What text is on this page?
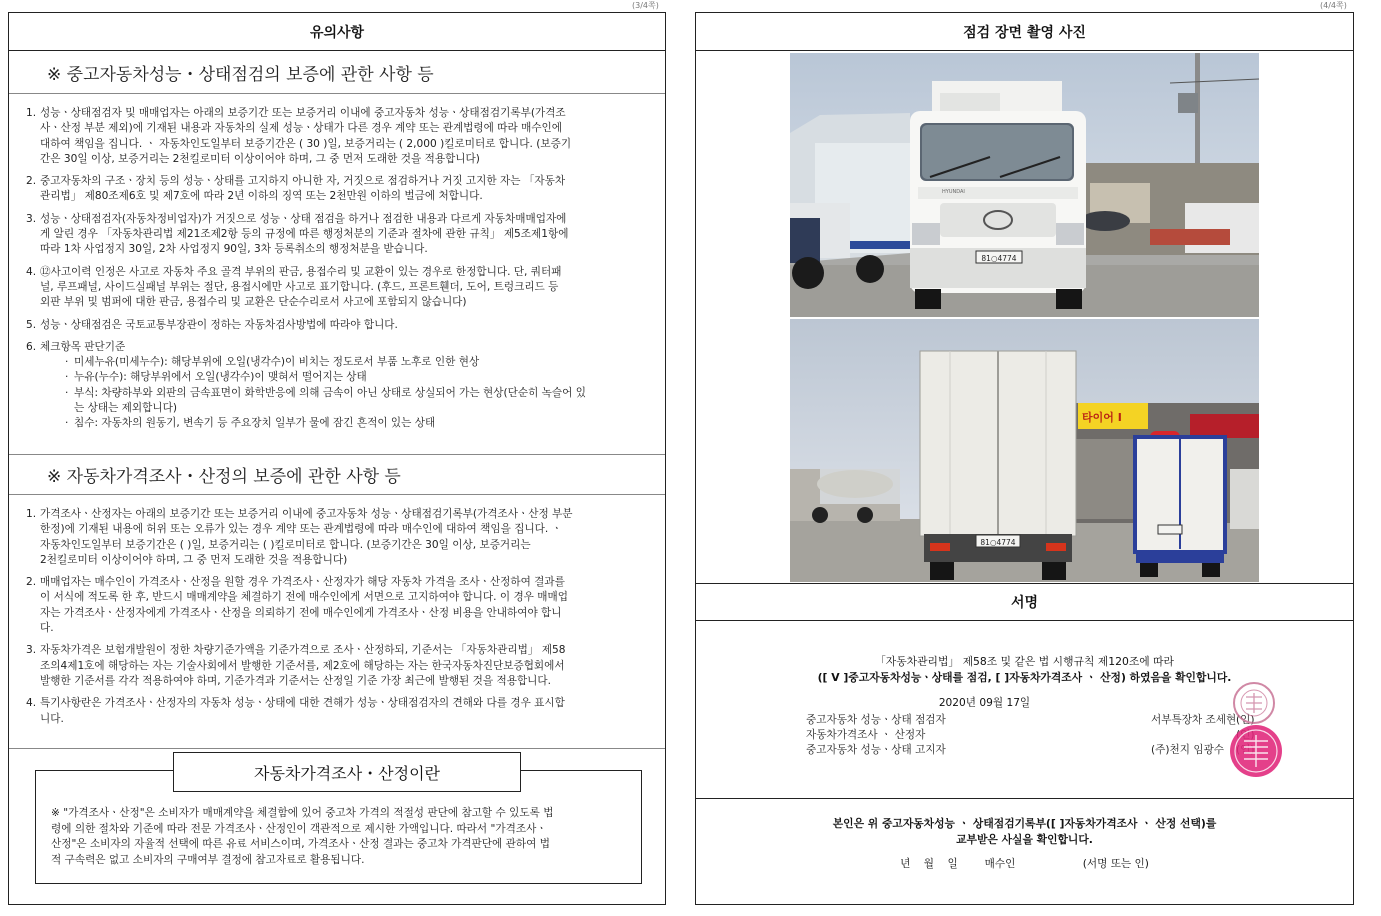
(3/4쪽)	(4/4쪽)
유의사항
※ 중고자동차성능・상태점검의 보증에 관한 사항 등
1. 성능ㆍ상태점검자 및 매매업자는 아래의 보증기간 또는 보증거리 이내에 중고자동차 성능ㆍ상태점검기록부(가격조
사ㆍ산정 부분 제외)에 기재된 내용과 자동차의 실제 성능ㆍ상태가 다른 경우 계약 또는 관계법령에 따라 매수인에
대하여 책임을 집니다. ㆍ 자동차인도일부터 보증기간은 ( 30 )일, 보증거리는 ( 2,000 )킬로미터로 합니다. (보증기
간은 30일 이상, 보증거리는 2천킬로미터 이상이어야 하며, 그 중 먼저 도래한 것을 적용합니다)
2. 중고자동차의 구조ㆍ장치 등의 성능ㆍ상태를 고지하지 아니한 자, 거짓으로 점검하거나 거짓 고지한 자는 「자동차
관리법」 제80조제6호 및 제7호에 따라 2년 이하의 징역 또는 2천만원 이하의 벌금에 처합니다.
3. 성능ㆍ상태점검자(자동차정비업자)가 거짓으로 성능ㆍ상태 점검을 하거나 점검한 내용과 다르게 자동차매매업자에
게 알린 경우 「자동차관리법 제21조제2항 등의 규정에 따른 행정처분의 기준과 절차에 관한 규칙」 제5조제1항에
따라 1차 사업정지 30일, 2차 사업정지 90일, 3차 등록취소의 행정처분을 받습니다.
4. ⑫사고이력 인정은 사고로 자동차 주요 골격 부위의 판금, 용접수리 및 교환이 있는 경우로 한정합니다. 단, 쿼터패
널, 루프패널, 사이드실패널 부위는 절단, 용접시에만 사고로 표기합니다. (후드, 프론트휀더, 도어, 트렁크리드 등
외판 부위 및 범퍼에 대한 판금, 용접수리 및 교환은 단순수리로서 사고에 포함되지 않습니다)
5. 성능ㆍ상태점검은 국토교통부장관이 정하는 자동차검사방법에 따라야 합니다.
6. 체크항목 판단기준
· 미세누유(미세누수): 해당부위에 오일(냉각수)이 비치는 정도로서 부품 노후로 인한 현상
· 누유(누수): 해당부위에서 오일(냉각수)이 맺혀서 떨어지는 상태
· 부식: 차량하부와 외판의 금속표면이 화학반응에 의해 금속이 아닌 상태로 상실되어 가는 현상(단순히 녹슬어 있
는 상태는 제외합니다)
· 침수: 자동차의 원동기, 변속기 등 주요장치 일부가 물에 잠긴 흔적이 있는 상태
※ 자동차가격조사・산정의 보증에 관한 사항 등
1. 가격조사ㆍ산정자는 아래의 보증기간 또는 보증거리 이내에 중고자동차 성능ㆍ상태점검기록부(가격조사ㆍ산정 부분
한정)에 기재된 내용에 허위 또는 오류가 있는 경우 계약 또는 관계법령에 따라 매수인에 대하여 책임을 집니다. ㆍ
자동차인도일부터 보증기간은 ( )일, 보증거리는 ( )킬로미터로 합니다. (보증기간은 30일 이상, 보증거리는
2천킬로미터 이상이어야 하며, 그 중 먼저 도래한 것을 적용합니다)
2. 매매업자는 매수인이 가격조사ㆍ산정을 원할 경우 가격조사ㆍ산정자가 해당 자동차 가격을 조사ㆍ산정하여 결과를
이 서식에 적도록 한 후, 반드시 매매계약을 체결하기 전에 매수인에게 서면으로 고지하여야 합니다. 이 경우 매매업
자는 가격조사ㆍ산정자에게 가격조사ㆍ산정을 의뢰하기 전에 매수인에게 가격조사ㆍ산정 비용을 안내하여야 합니
다.
3. 자동차가격은 보험개발원이 정한 차량기준가액을 기준가격으로 조사ㆍ산정하되, 기준서는 「자동차관리법」 제58
조의4제1호에 해당하는 자는 기술사회에서 발행한 기준서를, 제2호에 해당하는 자는 한국자동차진단보증협회에서
발행한 기준서를 각각 적용하여야 하며, 기준가격과 기준서는 산정일 기준 가장 최근에 발행된 것을 적용합니다.
4. 특기사항란은 가격조사ㆍ산정자의 자동차 성능ㆍ상태에 대한 견해가 성능ㆍ상태점검자의 견해와 다를 경우 표시합
니다.
자동차가격조사・산정이란
※ "가격조사ㆍ산정"은 소비자가 매매계약을 체결함에 있어 중고차 가격의 적절성 판단에 참고할 수 있도록 법
령에 의한 절차와 기준에 따라 전문 가격조사ㆍ산정인이 객관적으로 제시한 가액입니다. 따라서 "가격조사ㆍ
산정"은 소비자의 자율적 선택에 따른 유료 서비스이며, 가격조사ㆍ산정 결과는 중고차 가격판단에 관하여 법
적 구속력은 없고 소비자의 구매여부 결정에 참고자료로 활용됩니다.
점검 장면 촬영 사진
81○4774
HYUNDAI
타이어 I
81○4774
서명
「자동차관리법」 제58조 및 같은 법 시행규칙 제120조에 따라
([ V ]중고자동차성능ㆍ상태를 점검, [ ]자동차가격조사 ㆍ 산정) 하였음을 확인합니다.
2020년 09월 17일
중고자동차 성능ㆍ상태 점검자	서부특장차 조세현 (인)
자동차가격조사 ㆍ 산정자
중고자동차 성능ㆍ상태 고지자	(주)천지 임광수
본인은 위 중고자동차성능 ㆍ 상태점검기록부([ ]자동차가격조사 ㆍ 산정 선택)를
교부받은 사실을 확인합니다.
년    월    일        매수인                    (서명 또는 인)
